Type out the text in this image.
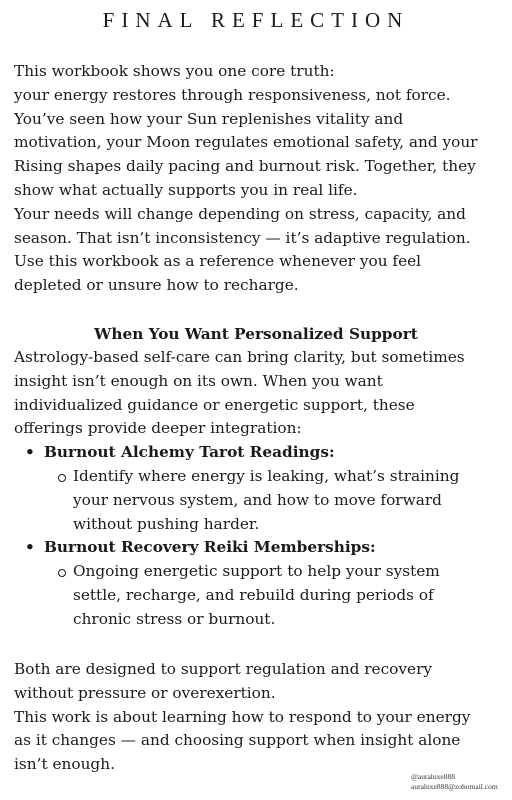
FINAL REFLECTION
This workbook shows you one core truth:
your energy restores through responsiveness, not force.
You’ve seen how your Sun replenishes vitality and
motivation, your Moon regulates emotional safety, and your
Rising shapes daily pacing and burnout risk. Together, they
show what actually supports you in real life.
Your needs will change depending on stress, capacity, and
season. That isn’t inconsistency — it’s adaptive regulation.
Use this workbook as a reference whenever you feel
depleted or unsure how to recharge.
When You Want Personalized Support
Astrology-based self-care can bring clarity, but sometimes
insight isn’t enough on its own. When you want
individualized guidance or energetic support, these
offerings provide deeper integration:
• Burnout Alchemy Tarot Readings:
Identify where energy is leaking, what’s straining
your nervous system, and how to move forward
without pushing harder.
• Burnout Recovery Reiki Memberships:
Ongoing energetic support to help your system
settle, recharge, and rebuild during periods of
chronic stress or burnout.
Both are designed to support regulation and recovery
without pressure or overexertion.
This work is about learning how to respond to your energy
as it changes — and choosing support when insight alone
isn’t enough.
@auraluxe888
auraluxe888@zohomail.com
